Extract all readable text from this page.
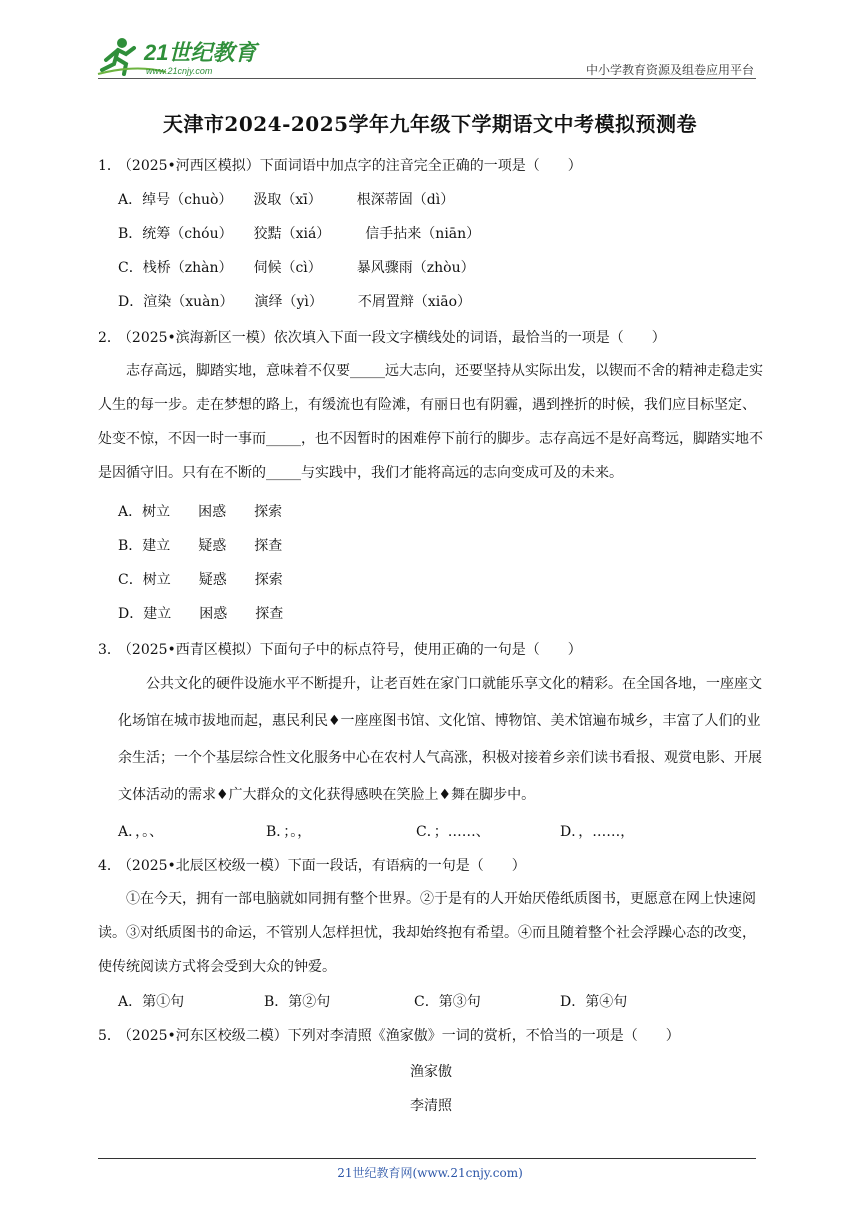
21世纪教育
www.21cnjy.com	中小学教育资源及组卷应用平台
天津市2024-2025学年九年级下学期语文中考模拟预测卷
1． （2025•河西区模拟）下面词语中加点字的注音完全正确的一项是（　　）
A．绰号（chuò）　　汲取（xī）　　　根深蒂固（dì）
B．统筹（chóu）　　狡黠（xiá）　　　信手拈来（niān）
C．栈桥（zhàn）　　伺候（cì）　　　暴风骤雨（zhòu）
D．渲染（xuàn）　　演绎（yì）　　　不屑置辩（xiāo）
2． （2025•滨海新区一模）依次填入下面一段文字横线处的词语，最恰当的一项是（　　）
志存高远，脚踏实地，意味着不仅要_____远大志向，还要坚持从实际出发，以锲而不舍的精神走稳走实人生的每一步。走在梦想的路上，有缓流也有险滩，有丽日也有阴霾，遇到挫折的时候，我们应目标坚定、处变不惊，不因一时一事而_____，也不因暂时的困难停下前行的脚步。志存高远不是好高骛远，脚踏实地不是因循守旧。只有在不断的_____与实践中，我们才能将高远的志向变成可及的未来。
A．树立　　困惑　　探索
B．建立　　疑惑　　探查
C．树立　　疑惑　　探索
D．建立　　困惑　　探查
3． （2025•西青区模拟）下面句子中的标点符号，使用正确的一句是（　　）
公共文化的硬件设施水平不断提升，让老百姓在家门口就能乐享文化的精彩。在全国各地，一座座文化场馆在城市拔地而起，惠民利民♦一座座图书馆、文化馆、博物馆、美术馆遍布城乡，丰富了人们的业余生活；一个个基层综合性文化服务中心在农村人气高涨，积极对接着乡亲们读书看报、观赏电影、开展文体活动的需求♦广大群众的文化获得感映在笑脸上♦舞在脚步中。
A．，。、	B．；。，	C．；……、	D．，……，
4． （2025•北辰区校级一模）下面一段话，有语病的一句是（　　）
①在今天，拥有一部电脑就如同拥有整个世界。②于是有的人开始厌倦纸质图书，更愿意在网上快速阅读。③对纸质图书的命运，不管别人怎样担忧，我却始终抱有希望。④而且随着整个社会浮躁心态的改变，使传统阅读方式将会受到大众的钟爱。
A．第①句	B．第②句	C．第③句	D．第④句
5． （2025•河东区校级二模）下列对李清照《渔家傲》一词的赏析，不恰当的一项是（　　）
渔家傲
李清照
21世纪教育网(www.21cnjy.com)
